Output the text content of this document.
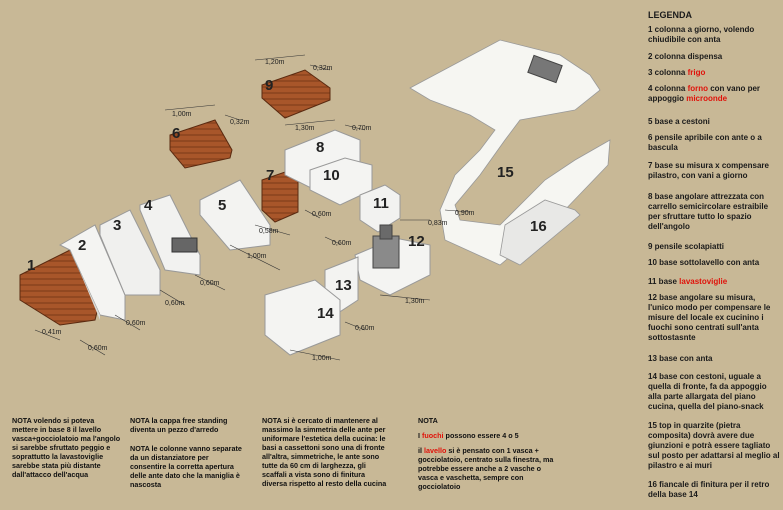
1
2
3
4	5
6
7
8
9
10
11
12
13
14
15
16
0,41m
0,60m
0,60m
0,60m
0,60m
1,00m
1,00m
0,32m
1,20m
0,32m
1,30m	0,70m
0,60m
0,58m
0,60m
0,83m
0,90m
1,30m
0,60m
1,00m
LEGENDA
1 colonna a giorno, volendo chiudibile con anta
2 colonna dispensa
3 colonna frigo
4 colonna forno con vano per appoggio microonde
5 base a cestoni
6 pensile apribile con ante o a bascula
7 base su misura x compensare pilastro, con vani a giorno
8 base angolare attrezzata con carrello semicircolare estraibile per sfruttare tutto lo spazio dell'angolo
9 pensile scolapiatti
10 base sottolavello con anta
11 base lavastoviglie
12 base angolare su misura, l'unico modo per compensare le misure del locale ex cucinino i fuochi sono centrati sull'anta sottostasnte
13 base con anta
14 base con cestoni, uguale a quella di fronte, fa da appoggio alla parte allargata del piano cucina, quella del piano-snack
15 top in quarzite (pietra composita) dovrà avere due giunzioni e potrà essere tagliato sul posto per adattarsi al meglio al pilastro e ai muri
16 fiancale di finitura per il retro della base 14

NOTA volendo si poteva mettere in base 8 il lavello vasca+gocciolatoio ma l'angolo si sarebbe sfruttato peggio e soprattutto la lavastoviglie sarebbe stata più distante dall'attacco dell'acqua

NOTA la cappa free standing diventa un pezzo d'arredo

NOTA le colonne vanno separate da un distanziatore per consentire la corretta apertura delle ante dato che la maniglia è nascosta

NOTA si è cercato di mantenere al massimo la simmetria delle ante per uniformare l'estetica della cucina: le basi a cassettoni sono una di fronte all'altra, simmetriche, le ante sono tutte da 60 cm di larghezza, gli scaffali a vista sono di finitura diversa rispetto al resto della cucina

NOTA

I fuochi possono essere 4 o 5

il lavello si è pensato con 1 vasca + gocciolatoio, centrato sulla finestra, ma potrebbe essere anche a 2 vasche o vasca e vaschetta, sempre con gocciolatoio
